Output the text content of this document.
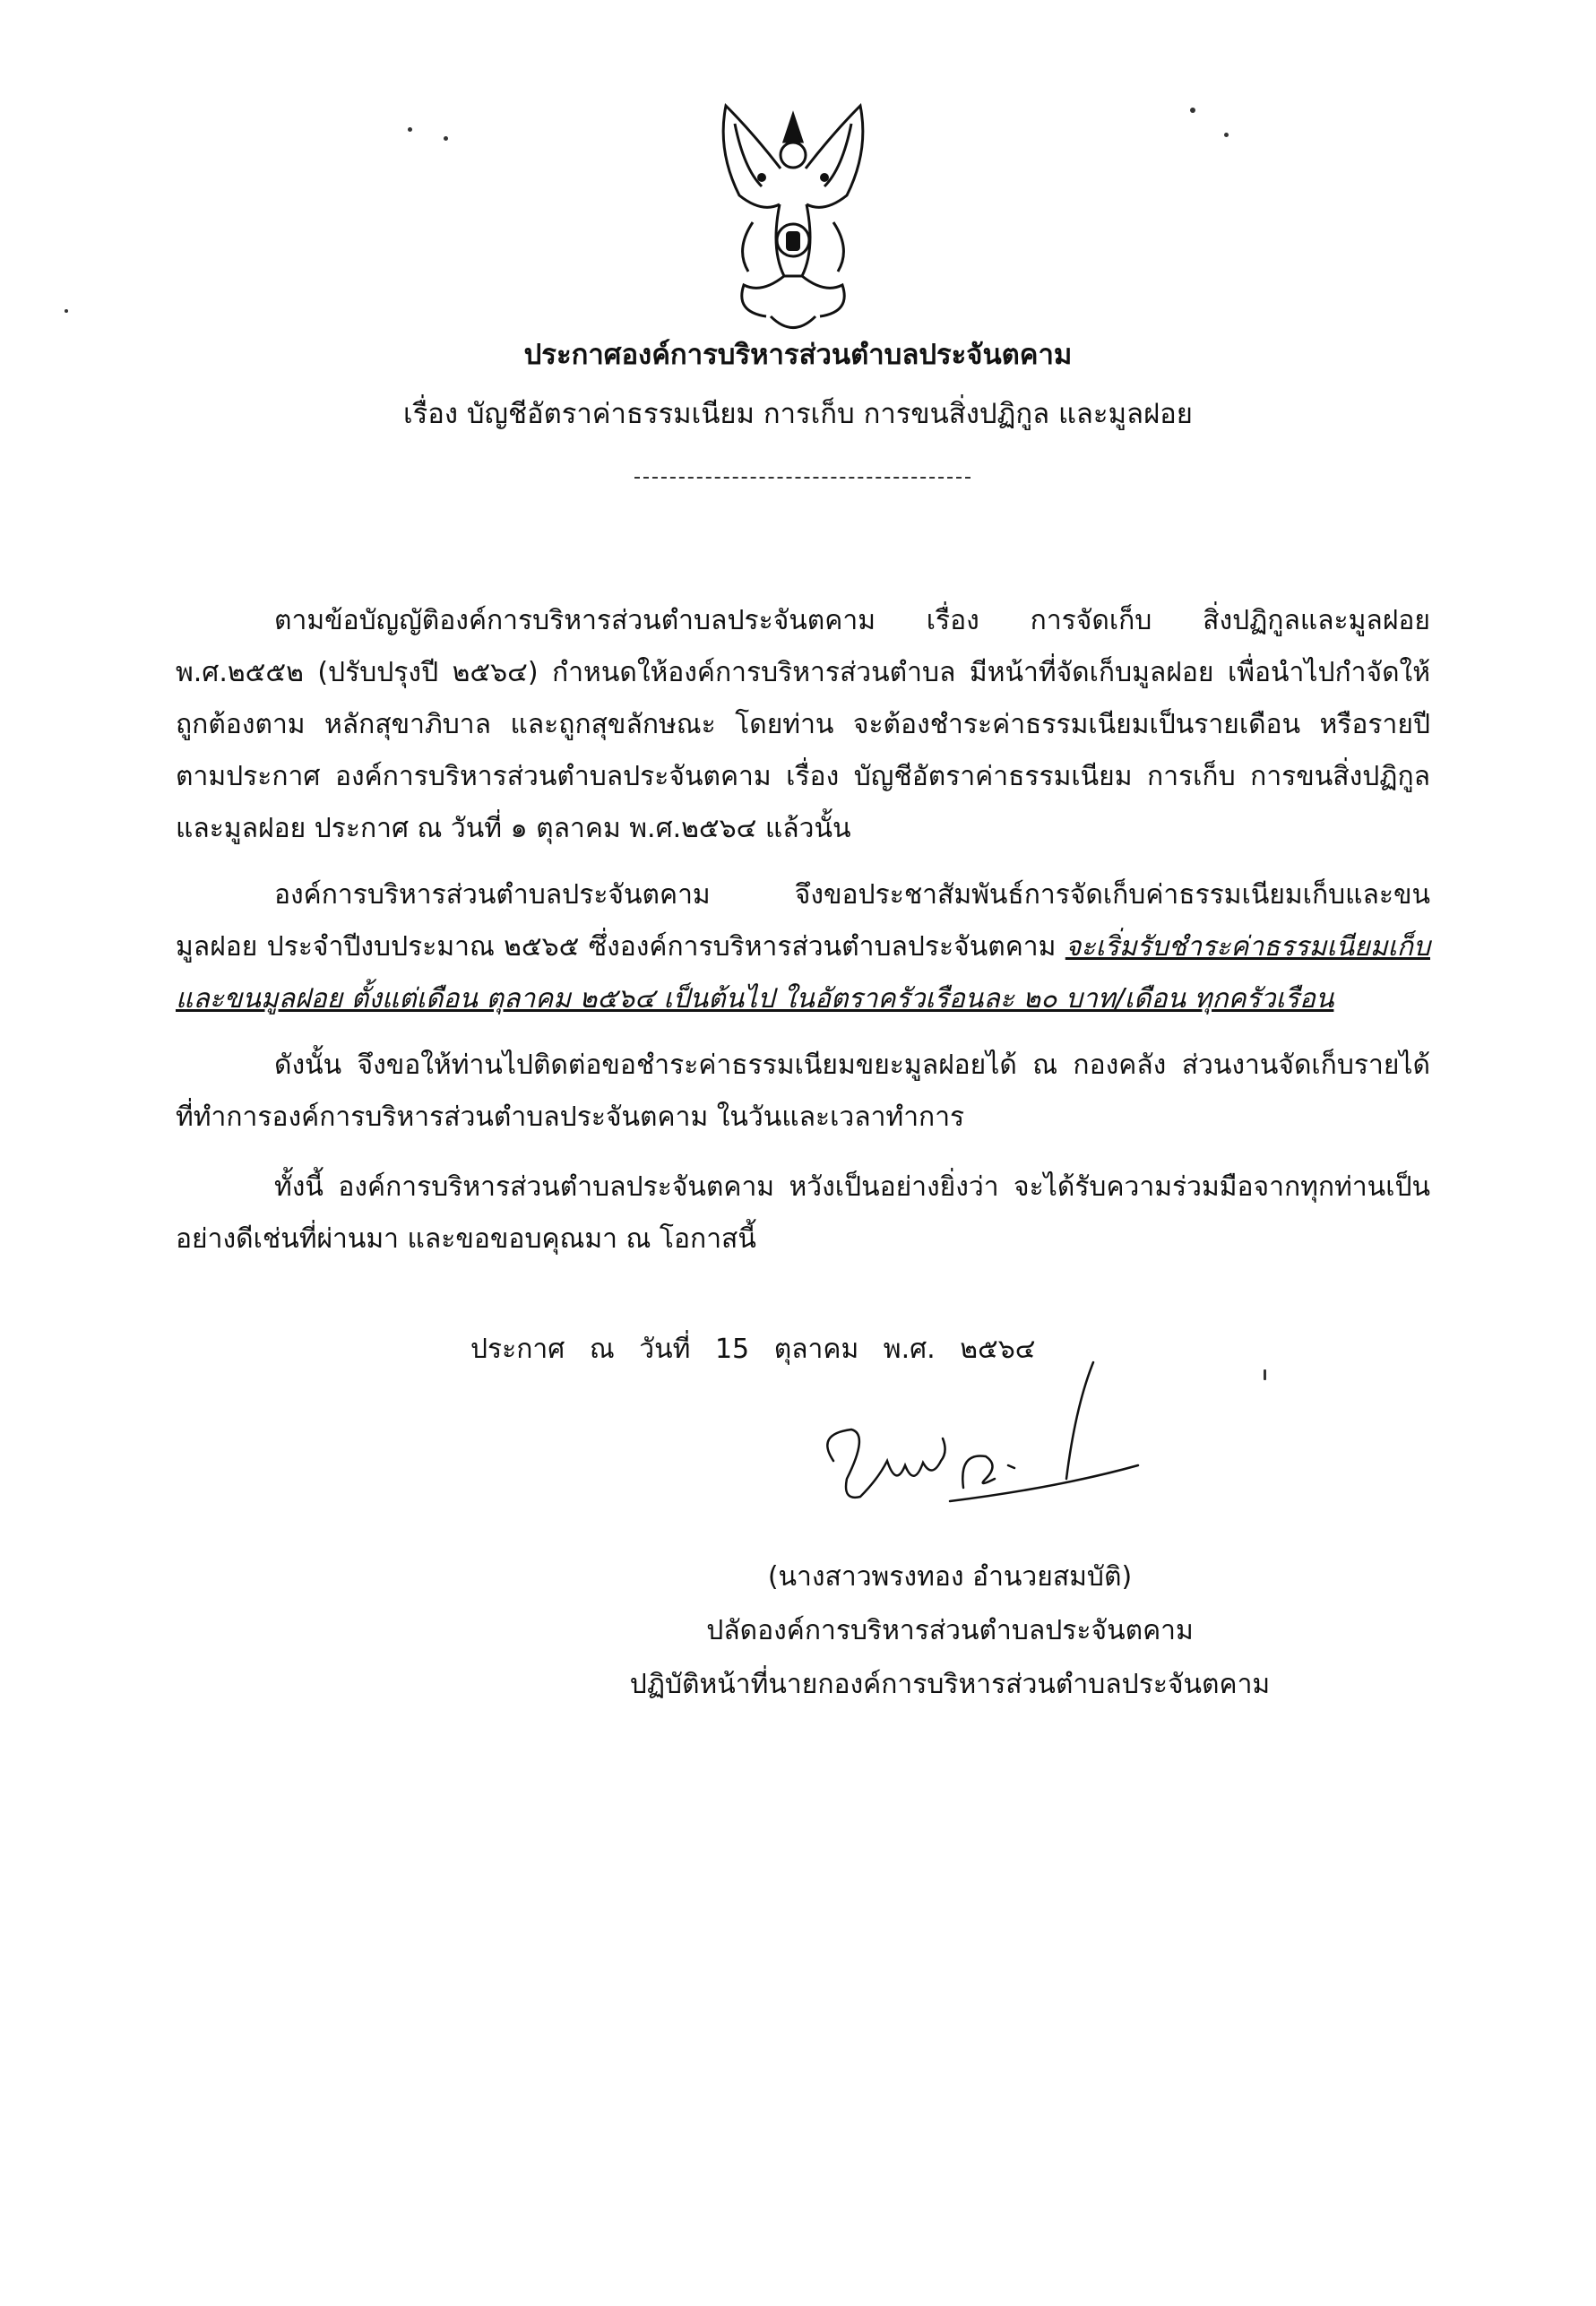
ประกาศองค์การบริหารส่วนตำบลประจันตคาม
เรื่อง บัญชีอัตราค่าธรรมเนียม การเก็บ การขนสิ่งปฏิกูล และมูลฝอย
ตามข้อบัญญัติองค์การบริหารส่วนตำบลประจันตคาม เรื่อง การจัดเก็บ สิ่งปฏิกูลและมูลฝอย พ.ศ.๒๕๕๒ (ปรับปรุงปี ๒๕๖๔) กำหนดให้องค์การบริหารส่วนตำบล มีหน้าที่จัดเก็บมูลฝอย เพื่อนำไปกำจัดให้ถูกต้องตาม หลักสุขาภิบาล และถูกสุขลักษณะ โดยท่าน จะต้องชำระค่าธรรมเนียมเป็นรายเดือน หรือรายปี ตามประกาศ องค์การบริหารส่วนตำบลประจันตคาม เรื่อง บัญชีอัตราค่าธรรมเนียม การเก็บ การขนสิ่งปฏิกูลและมูลฝอย ประกาศ ณ วันที่ ๑ ตุลาคม พ.ศ.๒๕๖๔ แล้วนั้น
องค์การบริหารส่วนตำบลประจันตคาม จึงขอประชาสัมพันธ์การจัดเก็บค่าธรรมเนียมเก็บและขนมูลฝอย ประจำปีงบประมาณ ๒๕๖๕ ซึ่งองค์การบริหารส่วนตำบลประจันตคาม จะเริ่มรับชำระค่าธรรมเนียมเก็บและขนมูลฝอย ตั้งแต่เดือน ตุลาคม ๒๕๖๔ เป็นต้นไป ในอัตราครัวเรือนละ ๒๐ บาท/เดือน ทุกครัวเรือน
ดังนั้น จึงขอให้ท่านไปติดต่อขอชำระค่าธรรมเนียมขยะมูลฝอยได้ ณ กองคลัง ส่วนงานจัดเก็บรายได้ ที่ทำการองค์การบริหารส่วนตำบลประจันตคาม ในวันและเวลาทำการ
ทั้งนี้ องค์การบริหารส่วนตำบลประจันตคาม หวังเป็นอย่างยิ่งว่า จะได้รับความร่วมมือจากทุกท่านเป็นอย่างดีเช่นที่ผ่านมา และขอขอบคุณมา ณ โอกาสนี้
ประกาศ ณ วันที่ 15 ตุลาคม พ.ศ. ๒๕๖๔
(นางสาวพรงทอง อำนวยสมบัติ)
ปลัดองค์การบริหารส่วนตำบลประจันตคาม
ปฏิบัติหน้าที่นายกองค์การบริหารส่วนตำบลประจันตคาม
